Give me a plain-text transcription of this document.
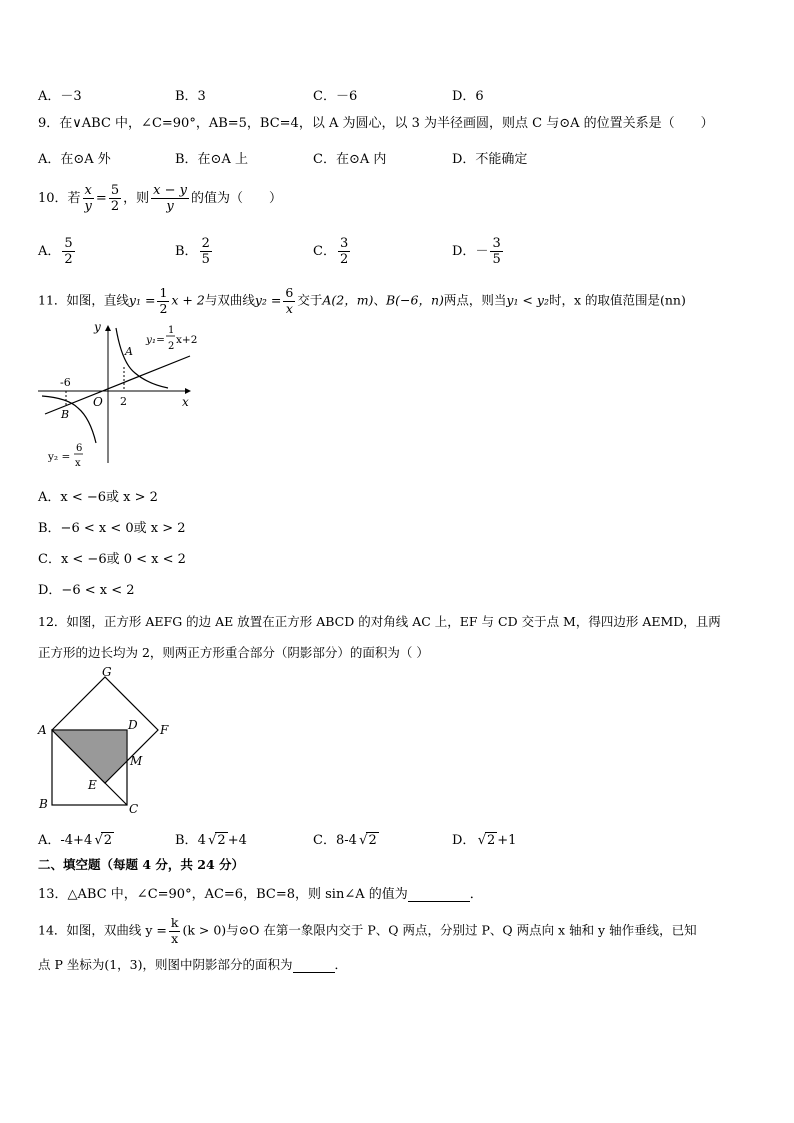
A．－3	B．3	C．－6	D．6
9．在∨ABC 中，∠C=90°，AB=5，BC=4，以 A 为圆心，以 3 为半径画圆，则点 C 与⊙A 的位置关系是（　　）
A．在⊙A 外	B．在⊙A 上	C．在⊙A 内	D．不能确定
10．若 $\frac{x}{y} = \frac{5}{2}$ ，则 $\frac{x - y}{y}$ 的值为（　　）
A． $\frac{5}{2}$	B． $\frac{2}{5}$	C． $\frac{3}{2}$	D．－ $\frac{3}{5}$
11．如图，直线$y_1 = \frac{1}{2}$ x + 2与双曲线$y_2 = \frac{6}{x}$ 交于A(2，m)、B(−6，n)两点，则当y₁ < y₂时，x 的取值范围是(nn)
y
x
O
-6
2
A
B
y₁=
1
2
x+2
y₂ =
6
x
A．x < −6或 x > 2
B．−6 < x < 0或 x > 2
C．x < −6或 0 < x < 2
D．−6 < x < 2
12．如图，正方形 AEFG 的边 AE 放置在正方形 ABCD 的对角线 AC 上，EF 与 CD 交于点 M，得四边形 AEMD，且两
正方形的边长均为 2，则两正方形重合部分（阴影部分）的面积为（ ）
G
A	D F
M
E
B	C
A．-4+4 √ 2	B．4 √ 2 +4	C．8-4 √ 2	D． √ 2 +1
二、填空题（每题 4 分，共 24 分）
13．△ABC 中，∠C=90°，AC=6，BC=8，则 sin∠A 的值为	．
14．如图，双曲线 $y = \frac{k}{x} (k > 0)$与⊙O 在第一象限内交于 P、Q 两点，分别过 P、Q 两点向 x 轴和 y 轴作垂线，已知
点 P 坐标为(1，3)，则图中阴影部分的面积为	．
